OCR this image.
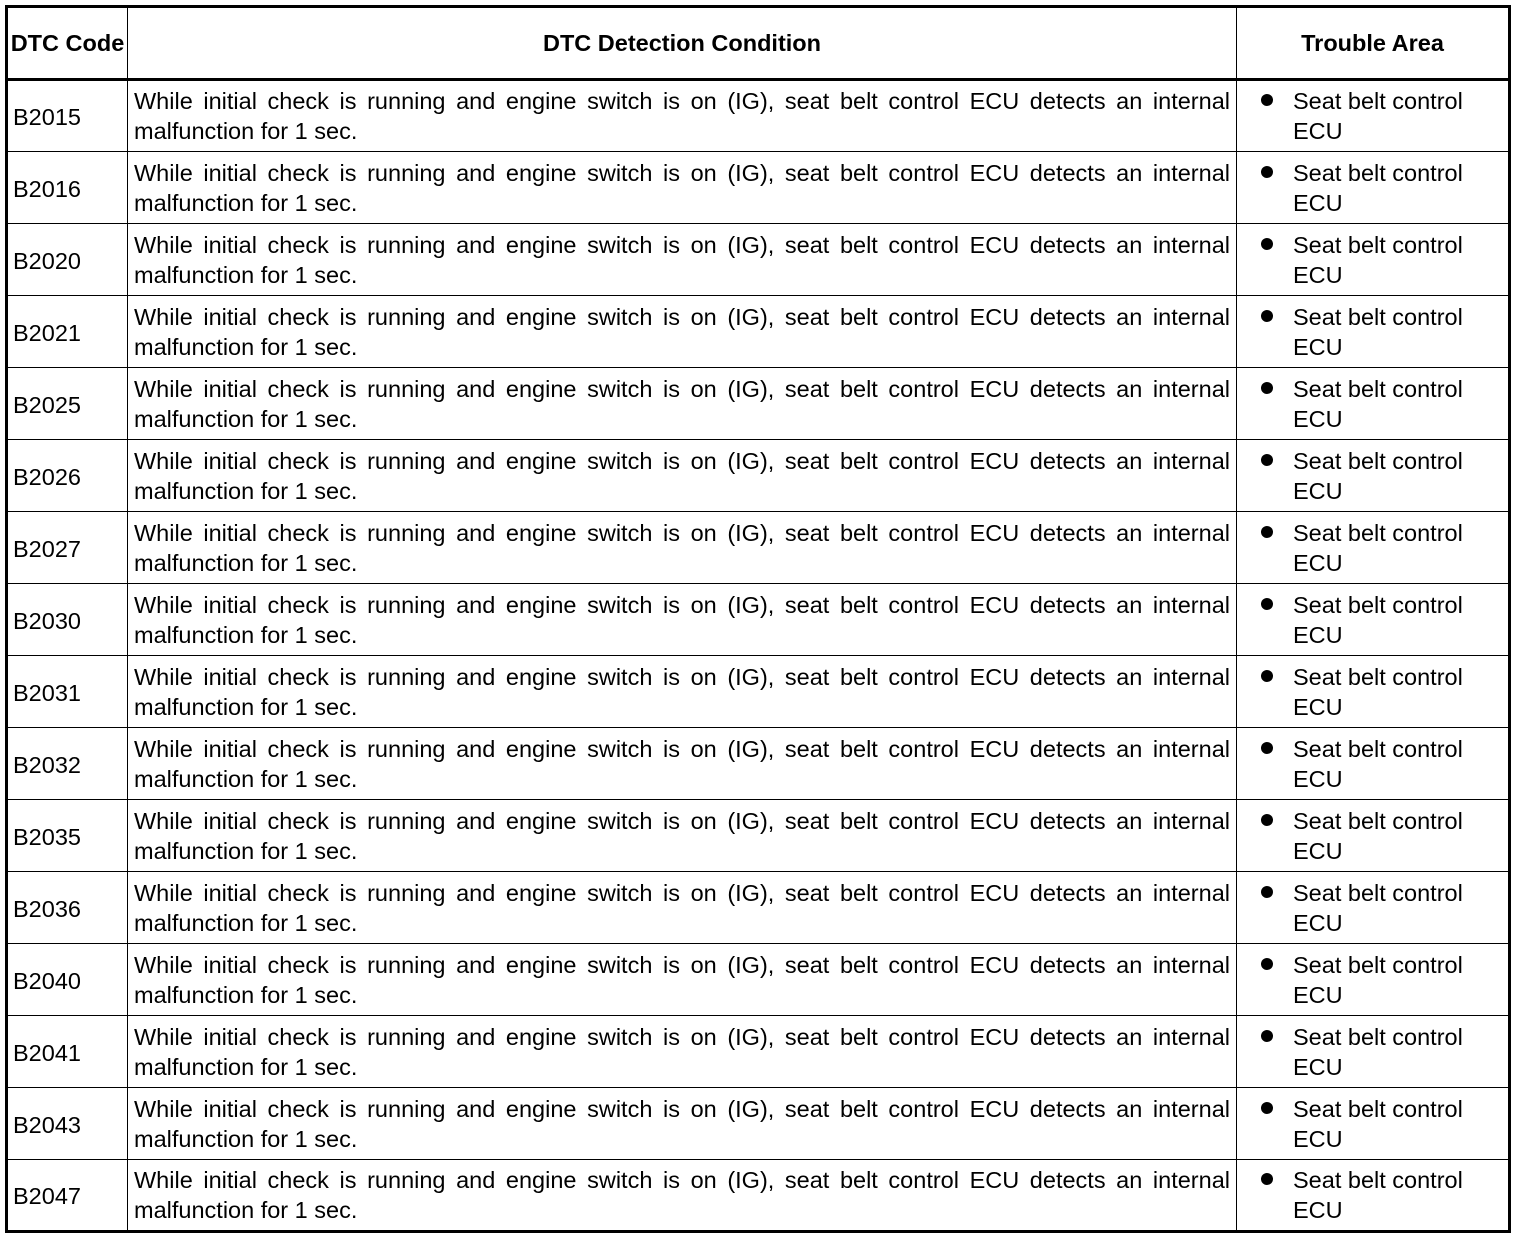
DTC Code	DTC Detection Condition	Trouble Area
B2015	While initial check is running and engine switch is on (IG), seat belt control ECU detects an internal malfunction for 1 sec.	Seat belt control ECU

B2016	While initial check is running and engine switch is on (IG), seat belt control ECU detects an internal malfunction for 1 sec.	Seat belt control ECU

B2020	While initial check is running and engine switch is on (IG), seat belt control ECU detects an internal malfunction for 1 sec.	Seat belt control ECU

B2021	While initial check is running and engine switch is on (IG), seat belt control ECU detects an internal malfunction for 1 sec.	Seat belt control ECU

B2025	While initial check is running and engine switch is on (IG), seat belt control ECU detects an internal malfunction for 1 sec.	Seat belt control ECU

B2026	While initial check is running and engine switch is on (IG), seat belt control ECU detects an internal malfunction for 1 sec.	Seat belt control ECU

B2027	While initial check is running and engine switch is on (IG), seat belt control ECU detects an internal malfunction for 1 sec.	Seat belt control ECU

B2030	While initial check is running and engine switch is on (IG), seat belt control ECU detects an internal malfunction for 1 sec.	Seat belt control ECU

B2031	While initial check is running and engine switch is on (IG), seat belt control ECU detects an internal malfunction for 1 sec.	Seat belt control ECU

B2032	While initial check is running and engine switch is on (IG), seat belt control ECU detects an internal malfunction for 1 sec.	Seat belt control ECU

B2035	While initial check is running and engine switch is on (IG), seat belt control ECU detects an internal malfunction for 1 sec.	Seat belt control ECU

B2036	While initial check is running and engine switch is on (IG), seat belt control ECU detects an internal malfunction for 1 sec.	Seat belt control ECU

B2040	While initial check is running and engine switch is on (IG), seat belt control ECU detects an internal malfunction for 1 sec.	Seat belt control ECU

B2041	While initial check is running and engine switch is on (IG), seat belt control ECU detects an internal malfunction for 1 sec.	Seat belt control ECU

B2043	While initial check is running and engine switch is on (IG), seat belt control ECU detects an internal malfunction for 1 sec.	Seat belt control ECU

B2047	While initial check is running and engine switch is on (IG), seat belt control ECU detects an internal malfunction for 1 sec.	Seat belt control ECU
